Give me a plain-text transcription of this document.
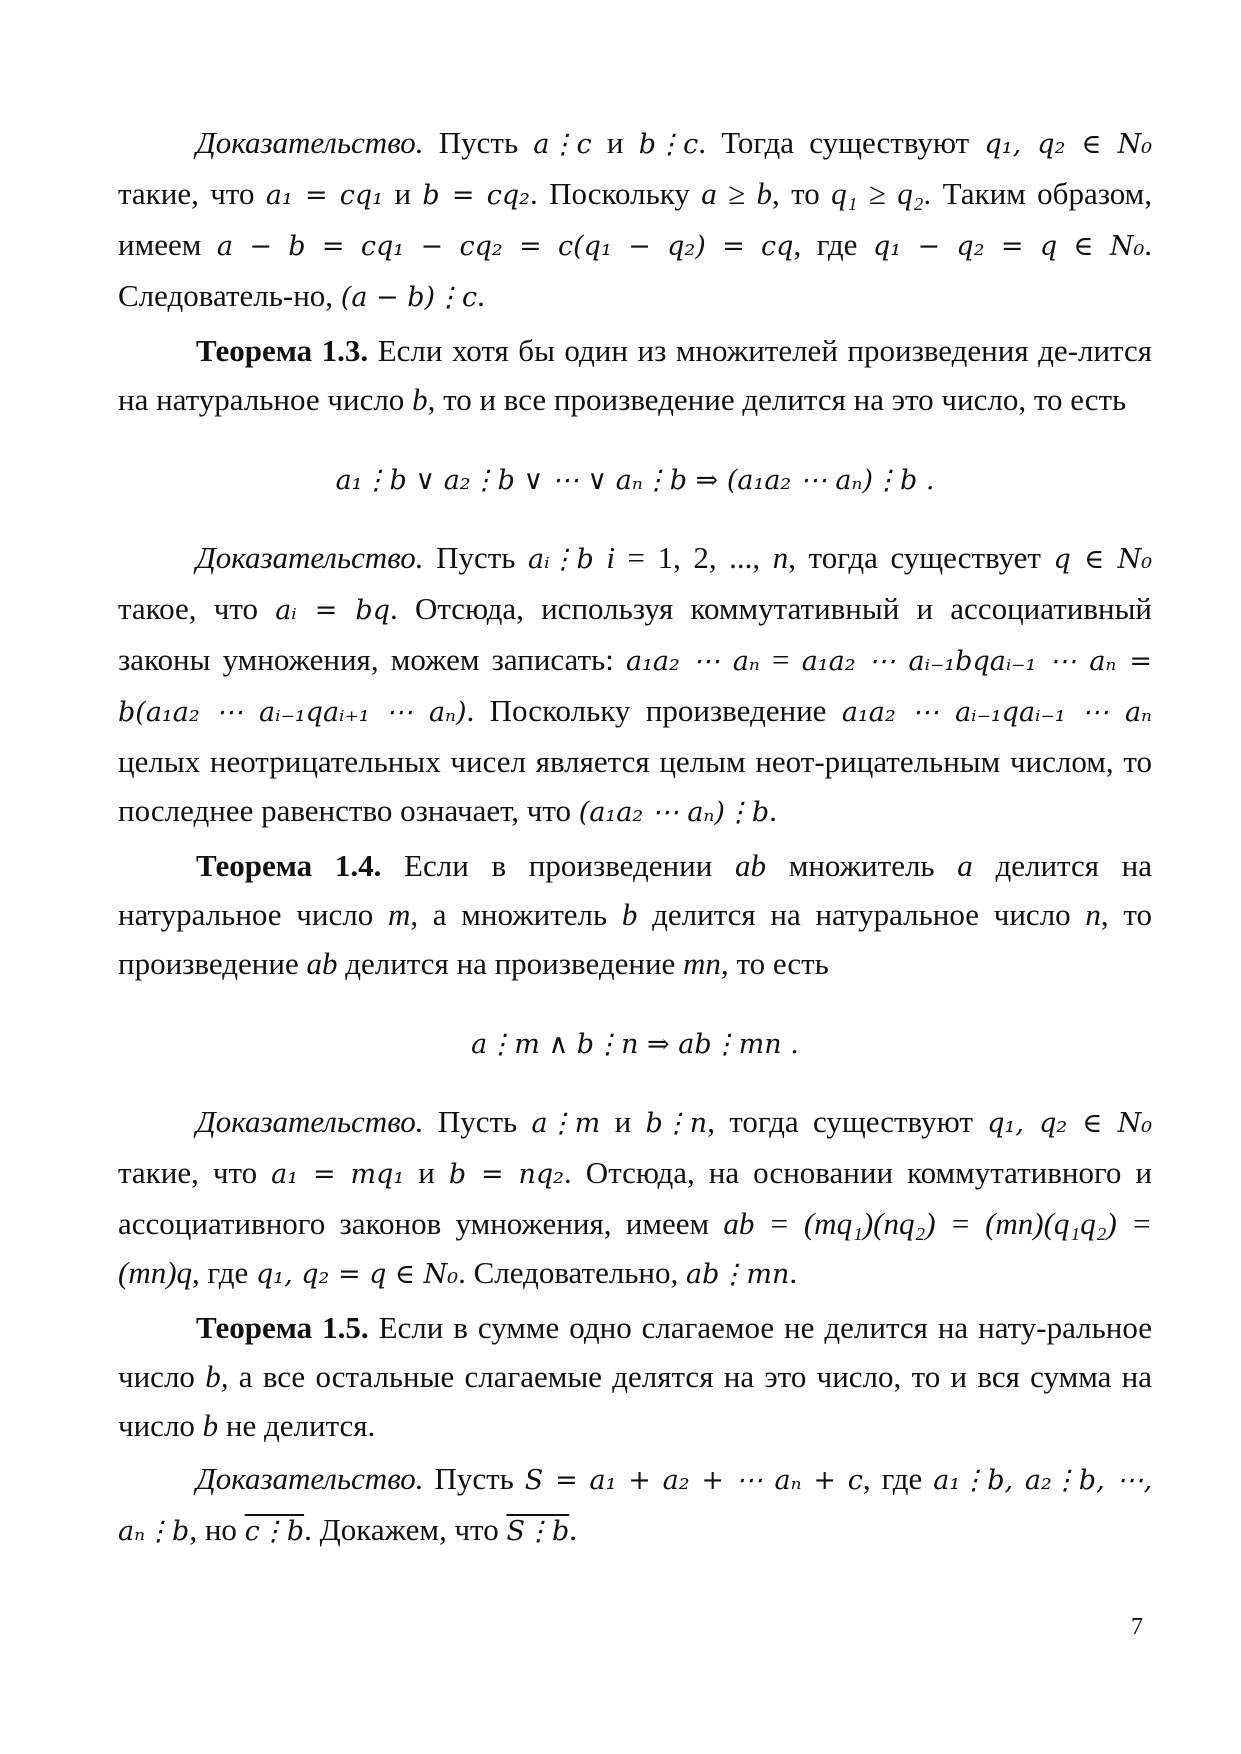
Доказательство. Пусть a⋮c и b⋮c. Тогда существуют q₁, q₂ ∈ N₀ такие, что a₁ = cq₁ и b = cq₂. Поскольку a ≥ b, то q₁ ≥ q₂. Таким образом, имеем a − b = cq₁ − cq₂ = c(q₁ − q₂) = cq, где q₁ − q₂ = q ∈ N₀. Следователь-но, (a − b)⋮c.

Теорема 1.3. Если хотя бы один из множителей произведения де-лится на натуральное число b, то и все произведение делится на это число, то есть

a₁⋮b ∨ a₂⋮b ∨ ⋯ ∨ aₙ⋮b ⇒ (a₁a₂ ⋯ aₙ)⋮b .

Доказательство. Пусть aᵢ⋮b i = 1, 2, ..., n, тогда существует q ∈ N₀ такое, что aᵢ = bq. Отсюда, используя коммутативный и ассоциативный законы умножения, можем записать: a₁a₂ ⋯ aₙ = a₁a₂ ⋯ aᵢ₋₁bqaᵢ₋₁ ⋯ aₙ = b(a₁a₂ ⋯ aᵢ₋₁qaᵢ₊₁ ⋯ aₙ). Поскольку произведение a₁a₂ ⋯ aᵢ₋₁qaᵢ₋₁ ⋯ aₙ целых неотрицательных чисел является целым неот-рицательным числом, то последнее равенство означает, что (a₁a₂ ⋯ aₙ)⋮b.

Теорема 1.4. Если в произведении ab множитель a делится на натуральное число m, а множитель b делится на натуральное число n, то произведение ab делится на произведение mn, то есть

a⋮m ∧ b⋮n ⇒ ab⋮mn .

Доказательство. Пусть a⋮m и b⋮n, тогда существуют q₁, q₂ ∈ N₀ такие, что a₁ = mq₁ и b = nq₂. Отсюда, на основании коммутативного и ассоциативного законов умножения, имеем ab = (mq₁)(nq₂) = (mn)(q₁q₂) = (mn)q, где q₁, q₂ = q ∈ N₀. Следовательно, ab⋮mn.

Теорема 1.5. Если в сумме одно слагаемое не делится на нату-ральное число b, а все остальные слагаемые делятся на это число, то и вся сумма на число b не делится.

Доказательство. Пусть S = a₁ + a₂ + ⋯ aₙ + c, где a₁⋮b, a₂⋮b, ⋯, aₙ⋮b, но c⋮b. Докажем, что S⋮b.

7
